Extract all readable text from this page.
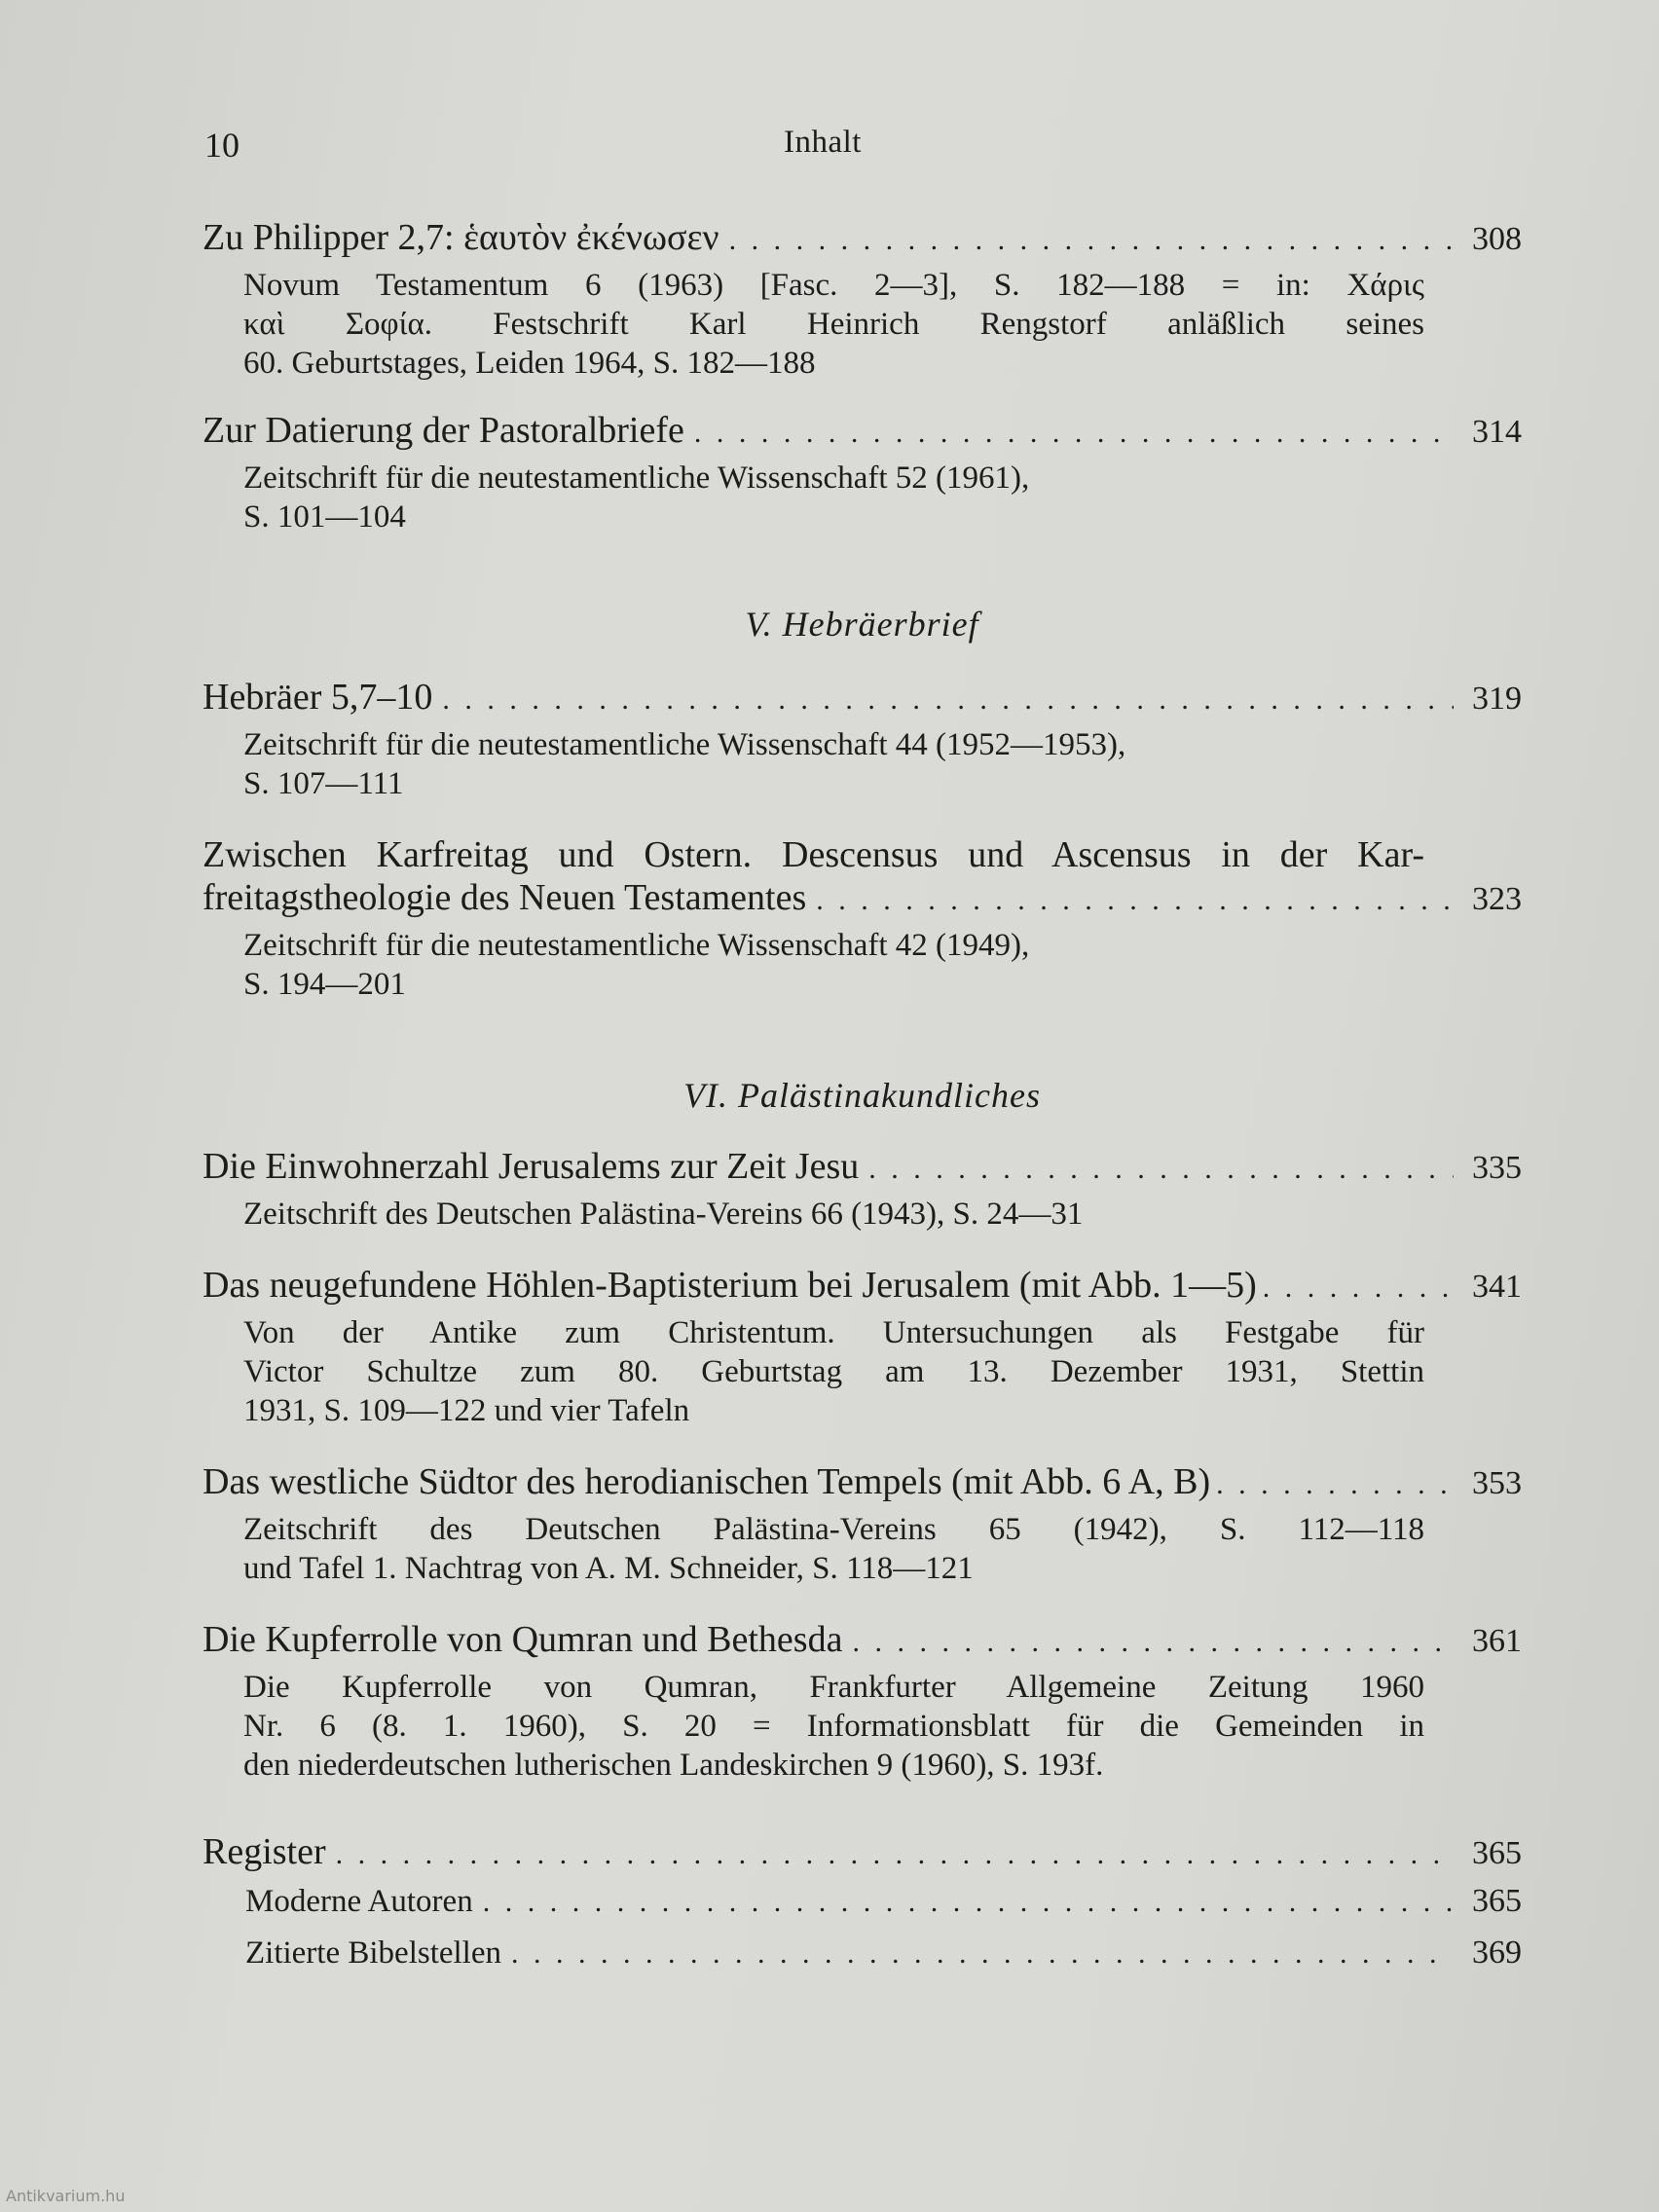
10	Inhalt
Zu Philipper 2,7: ἑαυτὸν ἐκένωσεν . . .	308
Novum Testamentum 6 (1963) [Fasc. 2—3], S. 182—188 = in: Χάρις
καὶ Σοφία. Festschrift Karl Heinrich Rengstorf anläßlich seines
60. Geburtstages, Leiden 1964, S. 182—188
Zur Datierung der Pastoralbriefe . . .	314
Zeitschrift für die neutestamentliche Wissenschaft 52 (1961),
S. 101—104
V. Hebräerbrief
Hebräer 5,7–10 . . .	319
Zeitschrift für die neutestamentliche Wissenschaft 44 (1952—1953),
S. 107—111
Zwischen Karfreitag und Ostern. Descensus und Ascensus in der Kar-
freitagstheologie des Neuen Testamentes . . .	323
Zeitschrift für die neutestamentliche Wissenschaft 42 (1949),
S. 194—201
VI. Palästinakundliches
Die Einwohnerzahl Jerusalems zur Zeit Jesu . . .	335
Zeitschrift des Deutschen Palästina-Vereins 66 (1943), S. 24—31
Das neugefundene Höhlen-Baptisterium bei Jerusalem (mit Abb. 1—5) . . .	341
Von der Antike zum Christentum. Untersuchungen als Festgabe für
Victor Schultze zum 80. Geburtstag am 13. Dezember 1931, Stettin
1931, S. 109—122 und vier Tafeln
Das westliche Südtor des herodianischen Tempels (mit Abb. 6 A, B) . . .	353
Zeitschrift des Deutschen Palästina-Vereins 65 (1942), S. 112—118
und Tafel 1. Nachtrag von A. M. Schneider, S. 118—121
Die Kupferrolle von Qumran und Bethesda . . .	361
Die Kupferrolle von Qumran, Frankfurter Allgemeine Zeitung 1960
Nr. 6 (8. 1. 1960), S. 20 = Informationsblatt für die Gemeinden in
den niederdeutschen lutherischen Landeskirchen 9 (1960), S. 193f.
Register . . .	365
Moderne Autoren . . .	365
Zitierte Bibelstellen . . .	369
Antikvarium.hu
